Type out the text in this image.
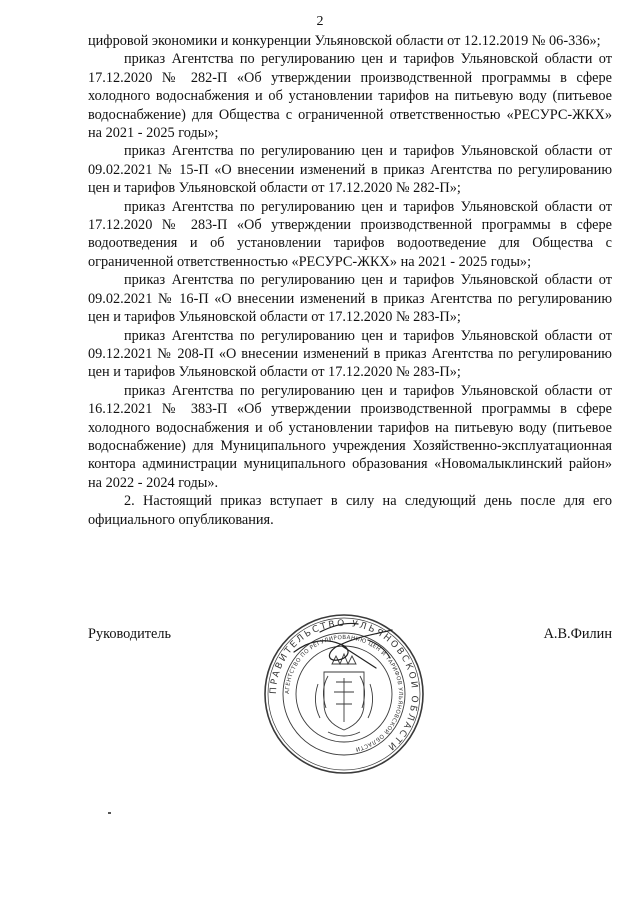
2

цифровой экономики и конкуренции Ульяновской области от 12.12.2019 № 06-336»;

приказ Агентства по регулированию цен и тарифов Ульяновской области от 17.12.2020 № 282-П «Об утверждении производственной программы в сфере холодного водоснабжения и об установлении тарифов на питьевую воду (питьевое водоснабжение) для Общества с ограниченной ответственностью «РЕСУРС-ЖКХ» на 2021 - 2025 годы»;

приказ Агентства по регулированию цен и тарифов Ульяновской области от 09.02.2021 № 15-П «О внесении изменений в приказ Агентства по регулированию цен и тарифов Ульяновской области от 17.12.2020 № 282-П»;

приказ Агентства по регулированию цен и тарифов Ульяновской области от 17.12.2020 № 283-П «Об утверждении производственной программы в сфере водоотведения и об установлении тарифов водоотведение для Общества с ограниченной ответственностью «РЕСУРС-ЖКХ» на 2021 - 2025 годы»;

приказ Агентства по регулированию цен и тарифов Ульяновской области от 09.02.2021 № 16-П «О внесении изменений в приказ Агентства по регулированию цен и тарифов Ульяновской области от 17.12.2020 № 283-П»;

приказ Агентства по регулированию цен и тарифов Ульяновской области от 09.12.2021 № 208-П «О внесении изменений в приказ Агентства по регулированию цен и тарифов Ульяновской области от 17.12.2020 № 283-П»;

приказ Агентства по регулированию цен и тарифов Ульяновской области от 16.12.2021 № 383-П «Об утверждении производственной программы в сфере холодного водоснабжения и об установлении тарифов на питьевую воду (питьевое водоснабжение) для Муниципального учреждения Хозяйственно-эксплуатационная контора администрации муниципального образования «Новомалыклинский район» на 2022 - 2024 годы».

2. Настоящий приказ вступает в силу на следующий день после для его официального опубликования.

ПРАВИТЕЛЬСТВО УЛЬЯНОВСКОЙ ОБЛАСТИ
АГЕНТСТВО ПО РЕГУЛИРОВАНИЮ ЦЕН И ТАРИФОВ УЛЬЯНОВСКОЙ ОБЛАСТИ
Руководитель	А.В.Филин
